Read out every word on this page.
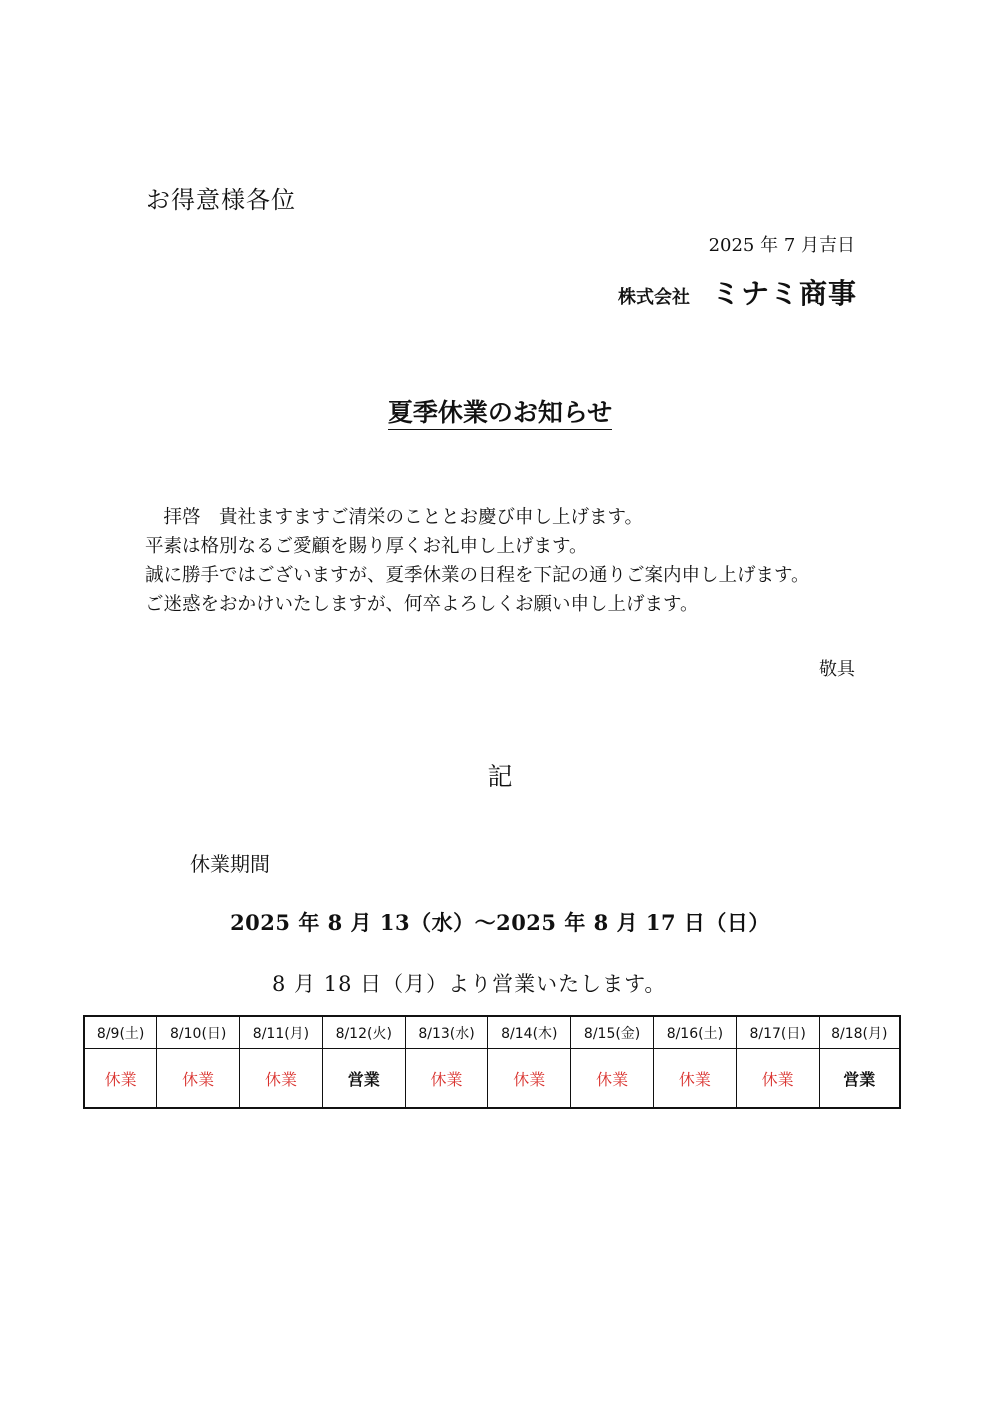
お得意様各位
2025 年 7 月吉日
株式会社 ミナミ商事
夏季休業のお知らせ
　拝啓　貴社ますますご清栄のこととお慶び申し上げます。
平素は格別なるご愛顧を賜り厚くお礼申し上げます。
誠に勝手ではございますが、夏季休業の日程を下記の通りご案内申し上げます。
ご迷惑をおかけいたしますが、何卒よろしくお願い申し上げます。
敬具
記
休業期間
2025 年 8 月 13（水）～2025 年 8 月 17 日（日）
8 月 18 日（月）より営業いたします。
8/9(土)	8/10(日)	8/11(月)	8/12(火)	8/13(水)	8/14(木)	8/15(金)	8/16(土)	8/17(日)	8/18(月)
休業	休業	休業	営業	休業	休業	休業	休業	休業	営業
